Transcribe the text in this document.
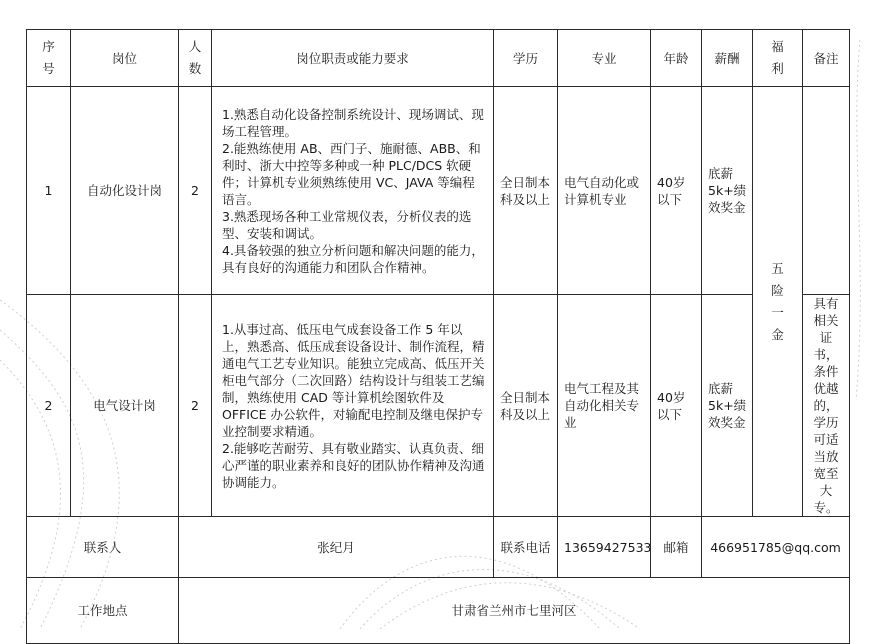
序号	岗位	人数	岗位职责或能力要求	学历	专业	年龄	薪酬	福利	备注
1	自动化设计岗	2	1.熟悉自动化设备控制系统设计、现场调试、现场工程管理。

2.能熟练使用 AB、西门子、施耐德、ABB、和利时、浙大中控等多种或一种 PLC/DCS 软硬件；计算机专业须熟练使用 VC、JAVA 等编程语言。

3.熟悉现场各种工业常规仪表，分析仪表的选型、安装和调试。

4.具备较强的独立分析问题和解决问题的能力，具有良好的沟通能力和团队合作精神。	全日制本科及以上	电气自动化或计算机专业	40岁以下	底薪5k+绩效奖金	五险一金	
2	电气设计岗	2	1.从事过高、低压电气成套设备工作 5 年以上，熟悉高、低压成套设备设计、制作流程，精通电气工艺专业知识。能独立完成高、低压开关柜电气部分（二次回路）结构设计与组装工艺编制，熟练使用 CAD 等计算机绘图软件及 OFFICE 办公软件，对输配电控制及继电保护专业控制要求精通。

2.能够吃苦耐劳、具有敬业踏实、认真负责、细心严谨的职业素养和良好的团队协作精神及沟通协调能力。	全日制本科及以上	电气工程及其自动化相关专业	40岁以下	底薪5k+绩效奖金		具有相关证书，条件优越的，学历可适当放宽至大专。
联系人		张纪月		联系电话	13659427533	邮箱	466951785@qq.com		
工作地点		甘肃省兰州市七里河区							
